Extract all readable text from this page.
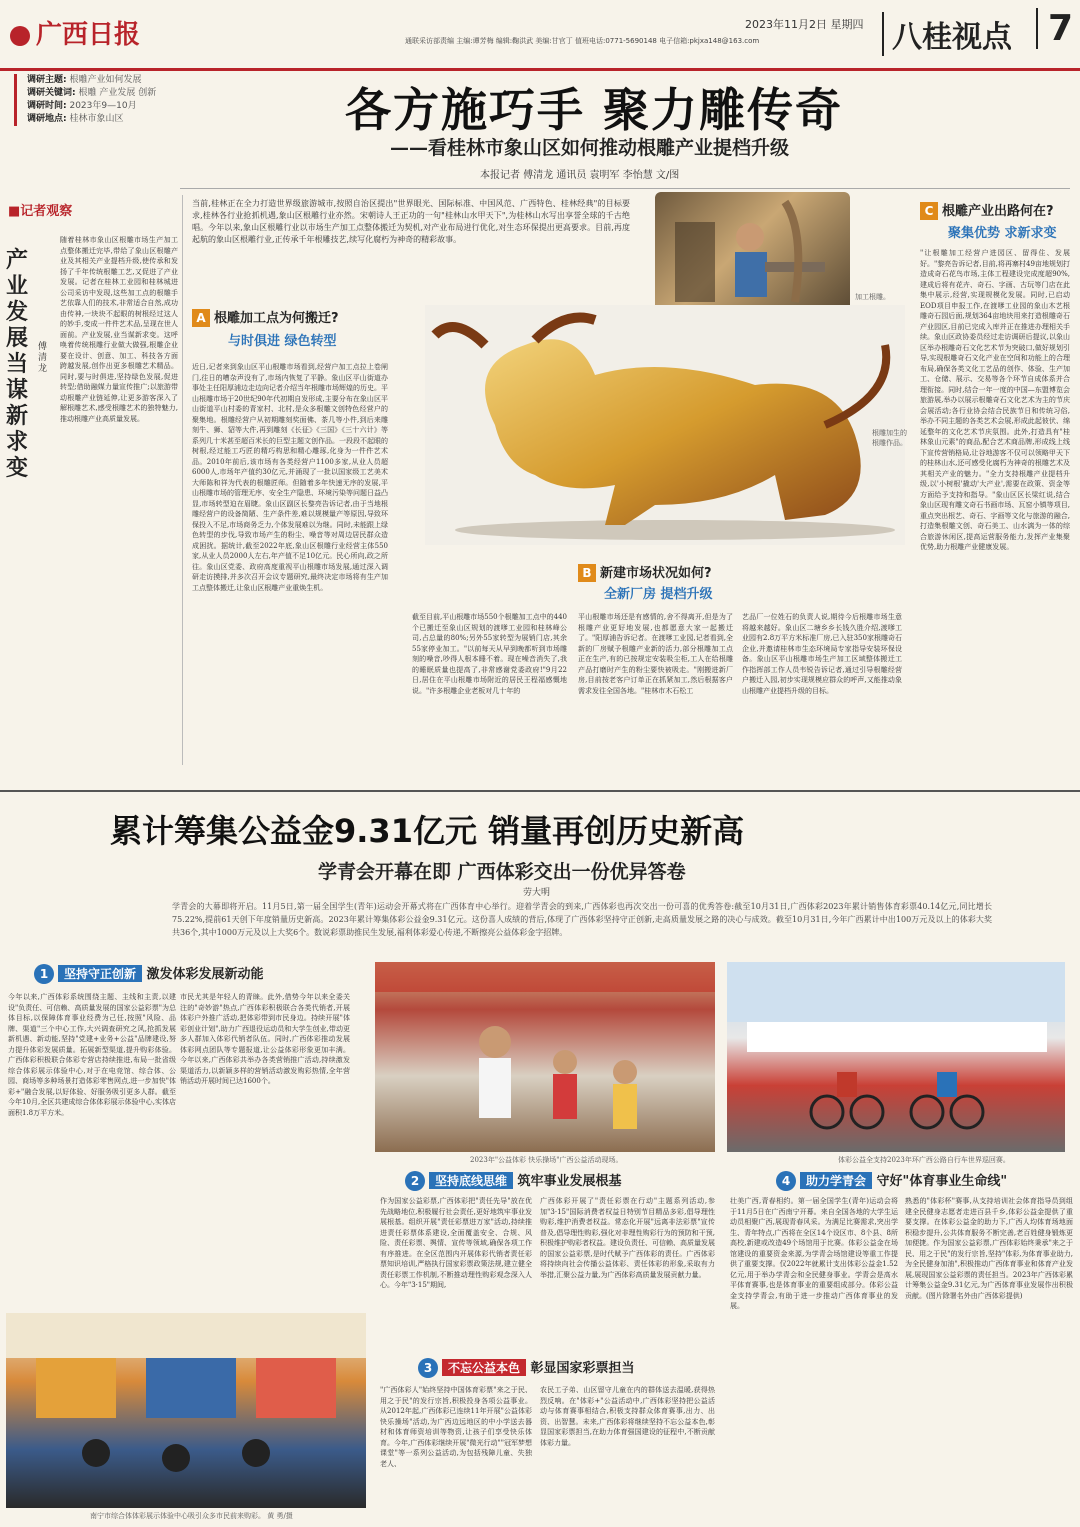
广西日报	2023年11月2日 星期四
通联采访部责编 主编:谭芳梅 编辑:鞠洪武 美编:甘官丁 值班电话:0771-5690148 电子信箱:pkjxa148@163.com	八桂视点	7
调研主题: 根雕产业如何发展
调研关键词: 根雕 产业发展 创新
调研时间: 2023年9—10月
调研地点: 桂林市象山区	各方施巧手 聚力雕传奇
——看桂林市象山区如何推动根雕产业提档升级
本报记者 傅清龙 通讯员 袁明军 李怡慧 文/图
■记者观察
产业发展当谋新求变
傅清龙
随着桂林市象山区根雕市场生产加工点整体搬迁完毕,带给了象山区根雕产业及其相关产业提档升级,使传承和发扬了千年传统根雕工艺,又促进了产业发展。记者在桂林工业园和桂林城进公司采访中发现,这些加工点的根雕手艺依靠人们的技术,非常适合自然,成功由传神,一块块不起眼的树根经过这人的妙手,变成一件件艺术品,呈现在世人面前。产业发展,业当谋新求变。这呼唤着传统根雕行业做大做强,根雕企业要在设计、创意、加工、科技各方面跨越发展,创作出更多根雕艺术精品。同时,要与时俱进,坚持绿色发展,促进转型;借助融媒力量宣传推广;以旅游带动根雕产业链延伸,让更多游客深入了解根雕艺术,感受根雕艺术的独特魅力,推动根雕产业高质量发展。
当前,桂林正在全力打造世界级旅游城市,按照自治区提出"世界眼光、国际标准、中国风范、广西特色、桂林经典"的目标要求,桂林各行业抢抓机遇,象山区根雕行业亦然。宋朝诗人王正功的一句"桂林山水甲天下",为桂林山水写出享誉全球的千古绝唱。今年以来,象山区根雕行业以市场生产加工点整体搬迁为契机,对产业布局进行优化,对生态环保提出更高要求。目前,再度起航的象山区根雕行业,正传承千年根雕技艺,续写化腐朽为神奇的精彩故事。
加工根雕。
根雕加生的根雕作品。
A 根雕加工点为何搬迁?
与时俱进 绿色转型
近日,记者来到象山区平山根雕市场看到,经营户加工点拉上卷闸门,往日的嘈杂声没有了,市场内恢复了平静。象山区平山街道办事处主任阳厚浦边走边向记者介绍当年根雕市场辉煌的历史。平山根雕市场于20世纪90年代初期自发形成,主要分布在象山区平山街道平山村委的青家村、北村,是众多根雕文创特色经营户的聚集地。根雕经营户从初期雕刻奖面佛、茶几等小件,到后来雕刻牛、狮、貂等大件,再到雕刻《长征》《三国》《三十六计》等系列几十米甚至超百米长的巨型主题文创作品。一段段不起眼的树根,经过能工巧匠的精巧构思和精心雕琢,化身为一件件艺术品。2010年前后,该市场有各类经营户1100多家,从业人员超6000人,市场年产值约30亿元,并涌现了一批以国家级工艺美术大师陈和祥为代表的根雕匠师。但随着多年快速无序的发展,平山根雕市场的管理无序、安全生产隐患、环境污染等问题日益凸显,市场转型迫在眉睫。象山区副区长黎亮告诉记者,由于当地根雕经营户的设备简陋、生产条件差,难以规模量产等原因,导致环保投入不足,市场商务乏力,个体发展难以为继。同时,未能跟上绿色转型的步伐,导致市场产生的粉尘、噪音等对周边居民群众造成困扰。据统计,截至2022年底,象山区根雕行业经营主体550家,从业人员2000人左右,年产值不足10亿元。民心所向,政之所往。象山区党委、政府高度重视平山根雕市场发展,通过深入调研走访摸排,并多次召开会议专题研究,最终决定市场将有生产加工点整体搬迁,让象山区根雕产业重焕生机。
B 新建市场状况如何?
全新厂房 提档升级
截至目前,平山根雕市场550个根雕加工点中的440个已搬迁至象山区规划的渡嗲工业园和桂林峰公司,占总量的80%;另外55家转型为展销门店,其余55家停业加工。"以前每天从早到晚都听到市场雕刻的噪音,吵得人根本睡不着。现在噪音消失了,我的睡眠质量也提高了,非常感谢党委政府!"9月22日,居住在平山根雕市场附近的居民王程福感慨地说。"许多根雕企业老板对几十年的
平山根雕市场还是有感情的,舍不得离开,但是为了根雕产业更好地发展,也都愿意大家一起搬迁了。"阳厚浦告诉记者。在渡嗲工业园,记者看到,全新的厂房赋予根雕产业新的活力,部分根雕加工点正在生产,有的已按规定安装吸尘柜,工人在给根雕产品打磨时产生的粉尘要快被吸走。"刚搬进新厂房,目前按老客户订单正在抓紧加工,然后根据客户需求发往全国各地。"桂林市木石松工
艺品厂一位姓石的负责人说,期待今后根雕市场生意将越来越好。象山区二塘乡乡长钱久胜介绍,渡嗲工业园有2.8万平方米标准厂房,已入驻350家根雕奇石企业,并邀请桂林市生态环境局专家指导安装环保设备。象山区平山根雕市场生产加工区域整体搬迁工作指挥部工作人员韦锐告诉记者,通过引导根雕经营户搬迁入园,初步实现规模应群众的呼声,又能推动象山根雕产业提档升级的目标。
C 根雕产业出路何在?
聚集优势 求新求变
"让根雕加工经营户进园区、留得住、发展好。"黎亮告诉记者,目前,将再寨村49亩地规划打造成奇石花鸟市场,主体工程建设完成度超90%,建成后将有花卉、奇石、字画、古玩等门店在此集中展示,经营,实现规模化发展。同时,已启动EOD项目申报工作,在渡嗲工业园的象山木艺根雕奇石园后面,规划364亩地块用来打造根雕奇石产业园区,目前已完成入库并正在推进办理相关手续。象山区政协委员经过走访调研后提议,以象山区举办根雕奇石文化艺术节为突破口,做好规划引导,实现根雕奇石文化产业在空间和功能上的合理布局,确保各类文化工艺品的创作、体验、生产加工、仓储、展示、交易等各个环节自成体系并合理衔接。同时,结合一年一度的中国—东盟博览会旅游展,举办以展示根雕奇石文化艺术为主的节庆会展活动;各行业协会结合民族节日和传统习俗,举办不同主题的各类艺术会展,形成此起彼伏、绵延整年的文化艺术节庆氛围。此外,打造具有"桂林象山元素"的商品,配合艺术商品牌,形成线上线下宣传营销格局,让谷地游客不仅可以领略甲天下的桂林山水,还可感受化腐朽为神奇的根雕艺术及其相关产业的魅力。"全力支持根雕产业提档升级,以'小树根'撬动'大产业',需要在政策、资金等方面给予支持和指导。"象山区区长梁红说,结合象山区现有雕文奇石书画市场、瓦窑小镇等项目,重点突出根艺、奇石、字画等文化与旅游的融合,打造集根雕文创、奇石美工、山水漓为一体的综合旅游休闲区,提高运营服务能力,发挥产业集聚优势,助力根雕产业健康发展。
累计筹集公益金9.31亿元 销量再创历史新高
学青会开幕在即 广西体彩交出一份优异答卷
劳大明
学青会的大幕即将开启。11月5日,第一届全国学生(青年)运动会开幕式将在广西体育中心举行。迎着学青会的到来,广西体彩也再次交出一份可喜的优秀答卷:截至10月31日,广西体彩2023年累计销售体育彩票40.14亿元,同比增长75.22%,提前61天创下年度销量历史新高。2023年累计筹集体彩公益金9.31亿元。这份喜人成绩的背后,体现了广西体彩坚持守正创新,走高质量发展之路的决心与成效。截至10月31日,今年广西累计中出100万元及以上的体彩大奖共36个,其中1000万元及以上大奖6个。数说彩票助推民生发展,福利体彩爱心传递,不断擦亮公益体彩金字招牌。
1 坚持守正创新 激发体彩发展新动能
今年以来,广西体彩系统围绕主题、主线和主责,以建设"负责任、可信赖、高质量发展的国家公益彩票"为总体目标,以保障体育事业经费为己任,按照"风险、品牌、渠道"三个中心工作,大兴调查研究之风,抢抓发展新机遇、新动能,坚持"党建+业务+公益"品牌建设,努力提升体彩发展质量。拓展新型渠道,提升购彩体验。广西体彩积极联合体彩专营店持续推进,布局一批省级综合体彩展示体验中心,对于在电竞馆、综合体、公园、商场等多种场景打造体彩零售网点,进一步加快"体彩+"融合发展,以好体验、好服务吸引更多人群。截至今年10月,全区共建成综合体体彩展示体验中心,实体店面积1.8万平方米。
市民尤其是年轻人的青睐。此外,借势今年以来全委关注的"奇妙游"热点,广西体彩积极联合各类代销者,开展体彩户外推广活动,把体彩带到市民身边。持续开展"体彩创业计划",助力广西退役运动员和大学生创业,带动更多人群加入体彩代销者队伍。同时,广西体彩推动发展体彩网点团队等专题报道,让公益体彩形象更加丰满。今年以来,广西体彩共举办各类营销推广活动,持续激发渠道活力,以新颖多样的营销活动激发购彩热情,全年营销活动开展时间已达1600个。
2023年"公益体彩 快乐操场"广西公益活动现场。	体彩公益全支持2023年环广西公路自行车世界巡回赛。
2 坚持底线思维 筑牢事业发展根基
作为国家公益彩票,广西体彩把"责任先导"放在优先战略地位,积极履行社会责任,更好地筑牢事业发展根基。组织开展"责任彩票进万家"活动,持续推进责任彩票体系建设,全面覆盖安全、合规、风险、责任彩票、舆情、宣传等领域,确保各项工作有序推进。在全区范围内开展体彩代销者责任彩票知识培训,严格执行国家彩票政策法规,建立健全责任彩票工作机制,不断推动理性购彩观念深入人心。今年"3·15"期间,
广西体彩开展了"责任彩票在行动"主题系列活动,参加"3·15"国际消费者权益日特别节目精品多彩,倡导理性购彩,维护消费者权益。常态化开展"远离非法彩票"宣传普及,倡导理性购彩,强化对非理性购彩行为的预防和干预,积极维护购彩者权益。建设负责任、可信赖、高质量发展的国家公益彩票,是时代赋予广西体彩的责任。广西体彩将持续向社会传播公益体彩、责任体彩的形象,采取有力举措,汇聚公益力量,为广西体彩高质量发展贡献力量。
3 不忘公益本色 彰显国家彩票担当
"广西体彩人"始终坚持中国体育彩票"来之于民、用之于民"的发行宗旨,积极投身各项公益事业。从2012年起,广西体彩已连续11年开展"公益体彩 快乐操场"活动,为广西边远地区的中小学送去器材和体育师资培训等物资,让孩子们享受快乐体育。今年,广西体彩继续开展"微光行动""冠军梦想课堂"等一系列公益活动,为包括残障儿童、失独老人、
农民工子弟、山区留守儿童在内的群体送去温暖,获得热烈反响。在"体彩+"公益活动中,广西体彩坚持把公益活动与体育赛事相结合,积极支持群众体育赛事,出力、出资、出智慧。未来,广西体彩将继续坚持不忘公益本色,彰显国家彩票担当,在助力体育强国建设的征程中,不断贡献体彩力量。
4 助力学青会 守好"体育事业生命线"
壮美广西,青春相约。第一届全国学生(青年)运动会将于11月5日在广西南宁开幕。来自全国各地的大学生运动员相聚广西,展现青春风采。为满足比赛需求,突出学生、青年特点,广西将在全区14个设区市、8个县、8所高校,新建或改造49个场馆用于比赛。体彩公益金在场馆建设的重要资金来源,为学青会场馆建设等重工作提供了重要支撑。仅2022年就累计支出体彩公益金1.52亿元,用于举办学青会和全民健身事业。学青会是高水平体育赛事,也是体育事业的重要组成部分。体彩公益金支持学青会,有助于进一步推动广西体育事业的发展。
熟悉的"体彩杯"赛事,从支持培训社会体育指导员到组建全民健身志愿者走进百县千乡,体彩公益金提供了重要支撑。在体彩公益金的助力下,广西人均体育场地面积稳步提升,公共体育服务不断完善,老百姓健身锻炼更加便捷。作为国家公益彩票,广西体彩始终秉承"来之于民、用之于民"的发行宗旨,坚持"体彩,为体育事业助力,为全民健身加油",积极推动广西体育事业和体育产业发展,展现国家公益彩票的责任担当。2023年广西体彩累计筹集公益金9.31亿元,为广西体育事业发展作出积极贡献。(图片除署名外由广西体彩提供)
南宁市综合体体彩展示体验中心吸引众多市民前来购彩。 黄 勇/摄
